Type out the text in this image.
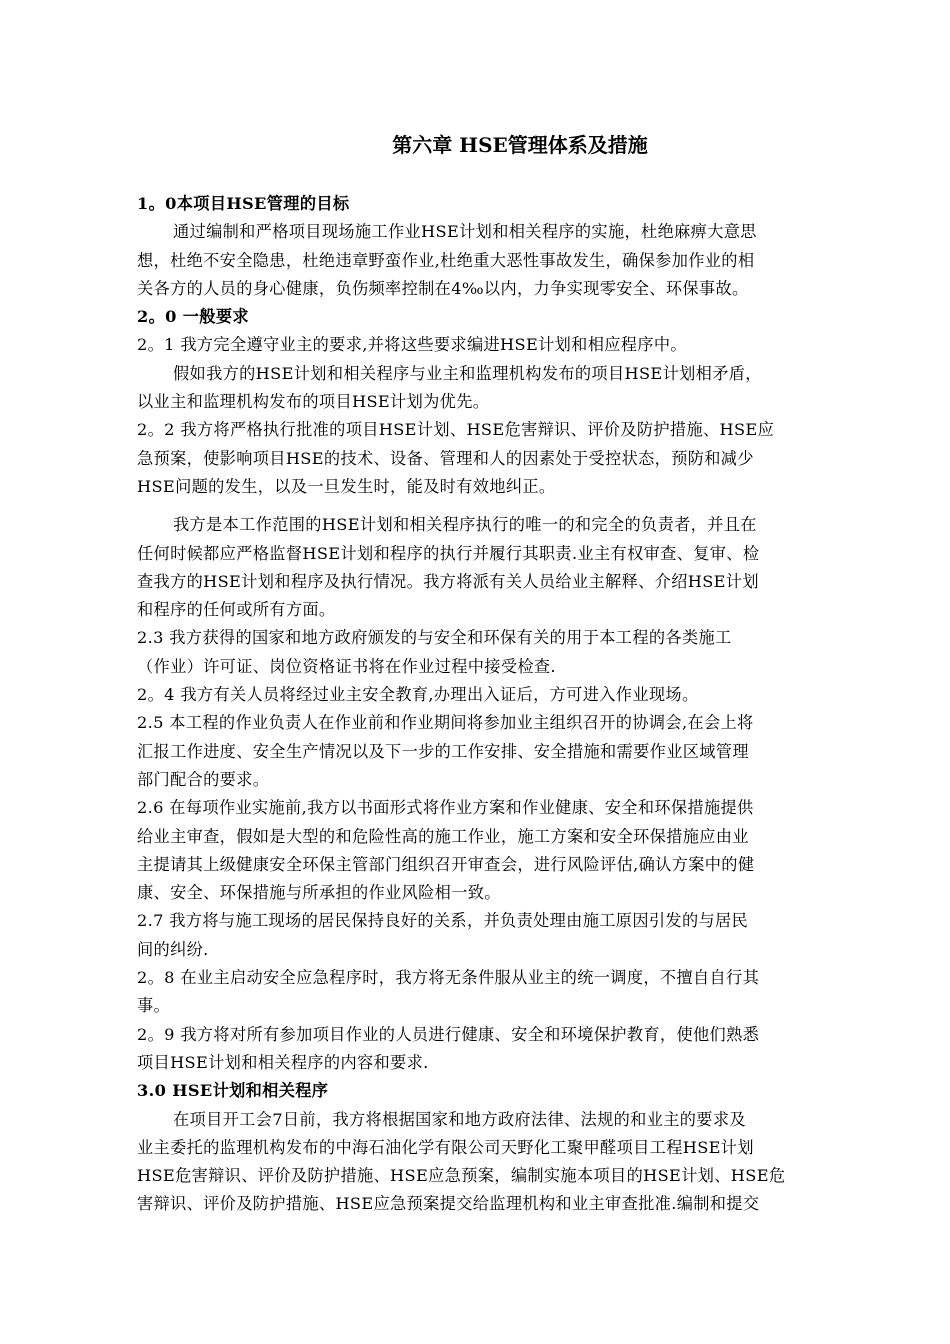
第六章 HSE管理体系及措施
1。0本项目HSE管理的目标
通过编制和严格项目现场施工作业HSE计划和相关程序的实施，杜绝麻痹大意思
想，杜绝不安全隐患，杜绝违章野蛮作业,杜绝重大恶性事故发生，确保参加作业的相
关各方的人员的身心健康，负伤频率控制在4‰以内，力争实现零安全、环保事故。
2。0 一般要求
2。1 我方完全遵守业主的要求,并将这些要求编进HSE计划和相应程序中。
假如我方的HSE计划和相关程序与业主和监理机构发布的项目HSE计划相矛盾，
以业主和监理机构发布的项目HSE计划为优先。
2。2 我方将严格执行批准的项目HSE计划、HSE危害辩识、评价及防护措施、HSE应
急预案，使影响项目HSE的技术、设备、管理和人的因素处于受控状态，预防和减少
HSE问题的发生，以及一旦发生时，能及时有效地纠正。
我方是本工作范围的HSE计划和相关程序执行的唯一的和完全的负责者，并且在
任何时候都应严格监督HSE计划和程序的执行并履行其职责.业主有权审查、复审、检
查我方的HSE计划和程序及执行情况。我方将派有关人员给业主解释、介绍HSE计划
和程序的任何或所有方面。
2.3 我方获得的国家和地方政府颁发的与安全和环保有关的用于本工程的各类施工
（作业）许可证、岗位资格证书将在作业过程中接受检查.
2。4 我方有关人员将经过业主安全教育,办理出入证后，方可进入作业现场。
2.5 本工程的作业负责人在作业前和作业期间将参加业主组织召开的协调会,在会上将
汇报工作进度、安全生产情况以及下一步的工作安排、安全措施和需要作业区域管理
部门配合的要求。
2.6 在每项作业实施前,我方以书面形式将作业方案和作业健康、安全和环保措施提供
给业主审查，假如是大型的和危险性高的施工作业，施工方案和安全环保措施应由业
主提请其上级健康安全环保主管部门组织召开审查会，进行风险评估,确认方案中的健
康、安全、环保措施与所承担的作业风险相一致。
2.7 我方将与施工现场的居民保持良好的关系，并负责处理由施工原因引发的与居民
间的纠纷.
2。8 在业主启动安全应急程序时，我方将无条件服从业主的统一调度，不擅自自行其
事。
2。9 我方将对所有参加项目作业的人员进行健康、安全和环境保护教育，使他们熟悉
项目HSE计划和相关程序的内容和要求.
3.0 HSE计划和相关程序
在项目开工会7日前，我方将根据国家和地方政府法律、法规的和业主的要求及
业主委托的监理机构发布的中海石油化学有限公司天野化工聚甲醛项目工程HSE计划
HSE危害辩识、评价及防护措施、HSE应急预案，编制实施本项目的HSE计划、HSE危
害辩识、评价及防护措施、HSE应急预案提交给监理机构和业主审查批准.编制和提交
